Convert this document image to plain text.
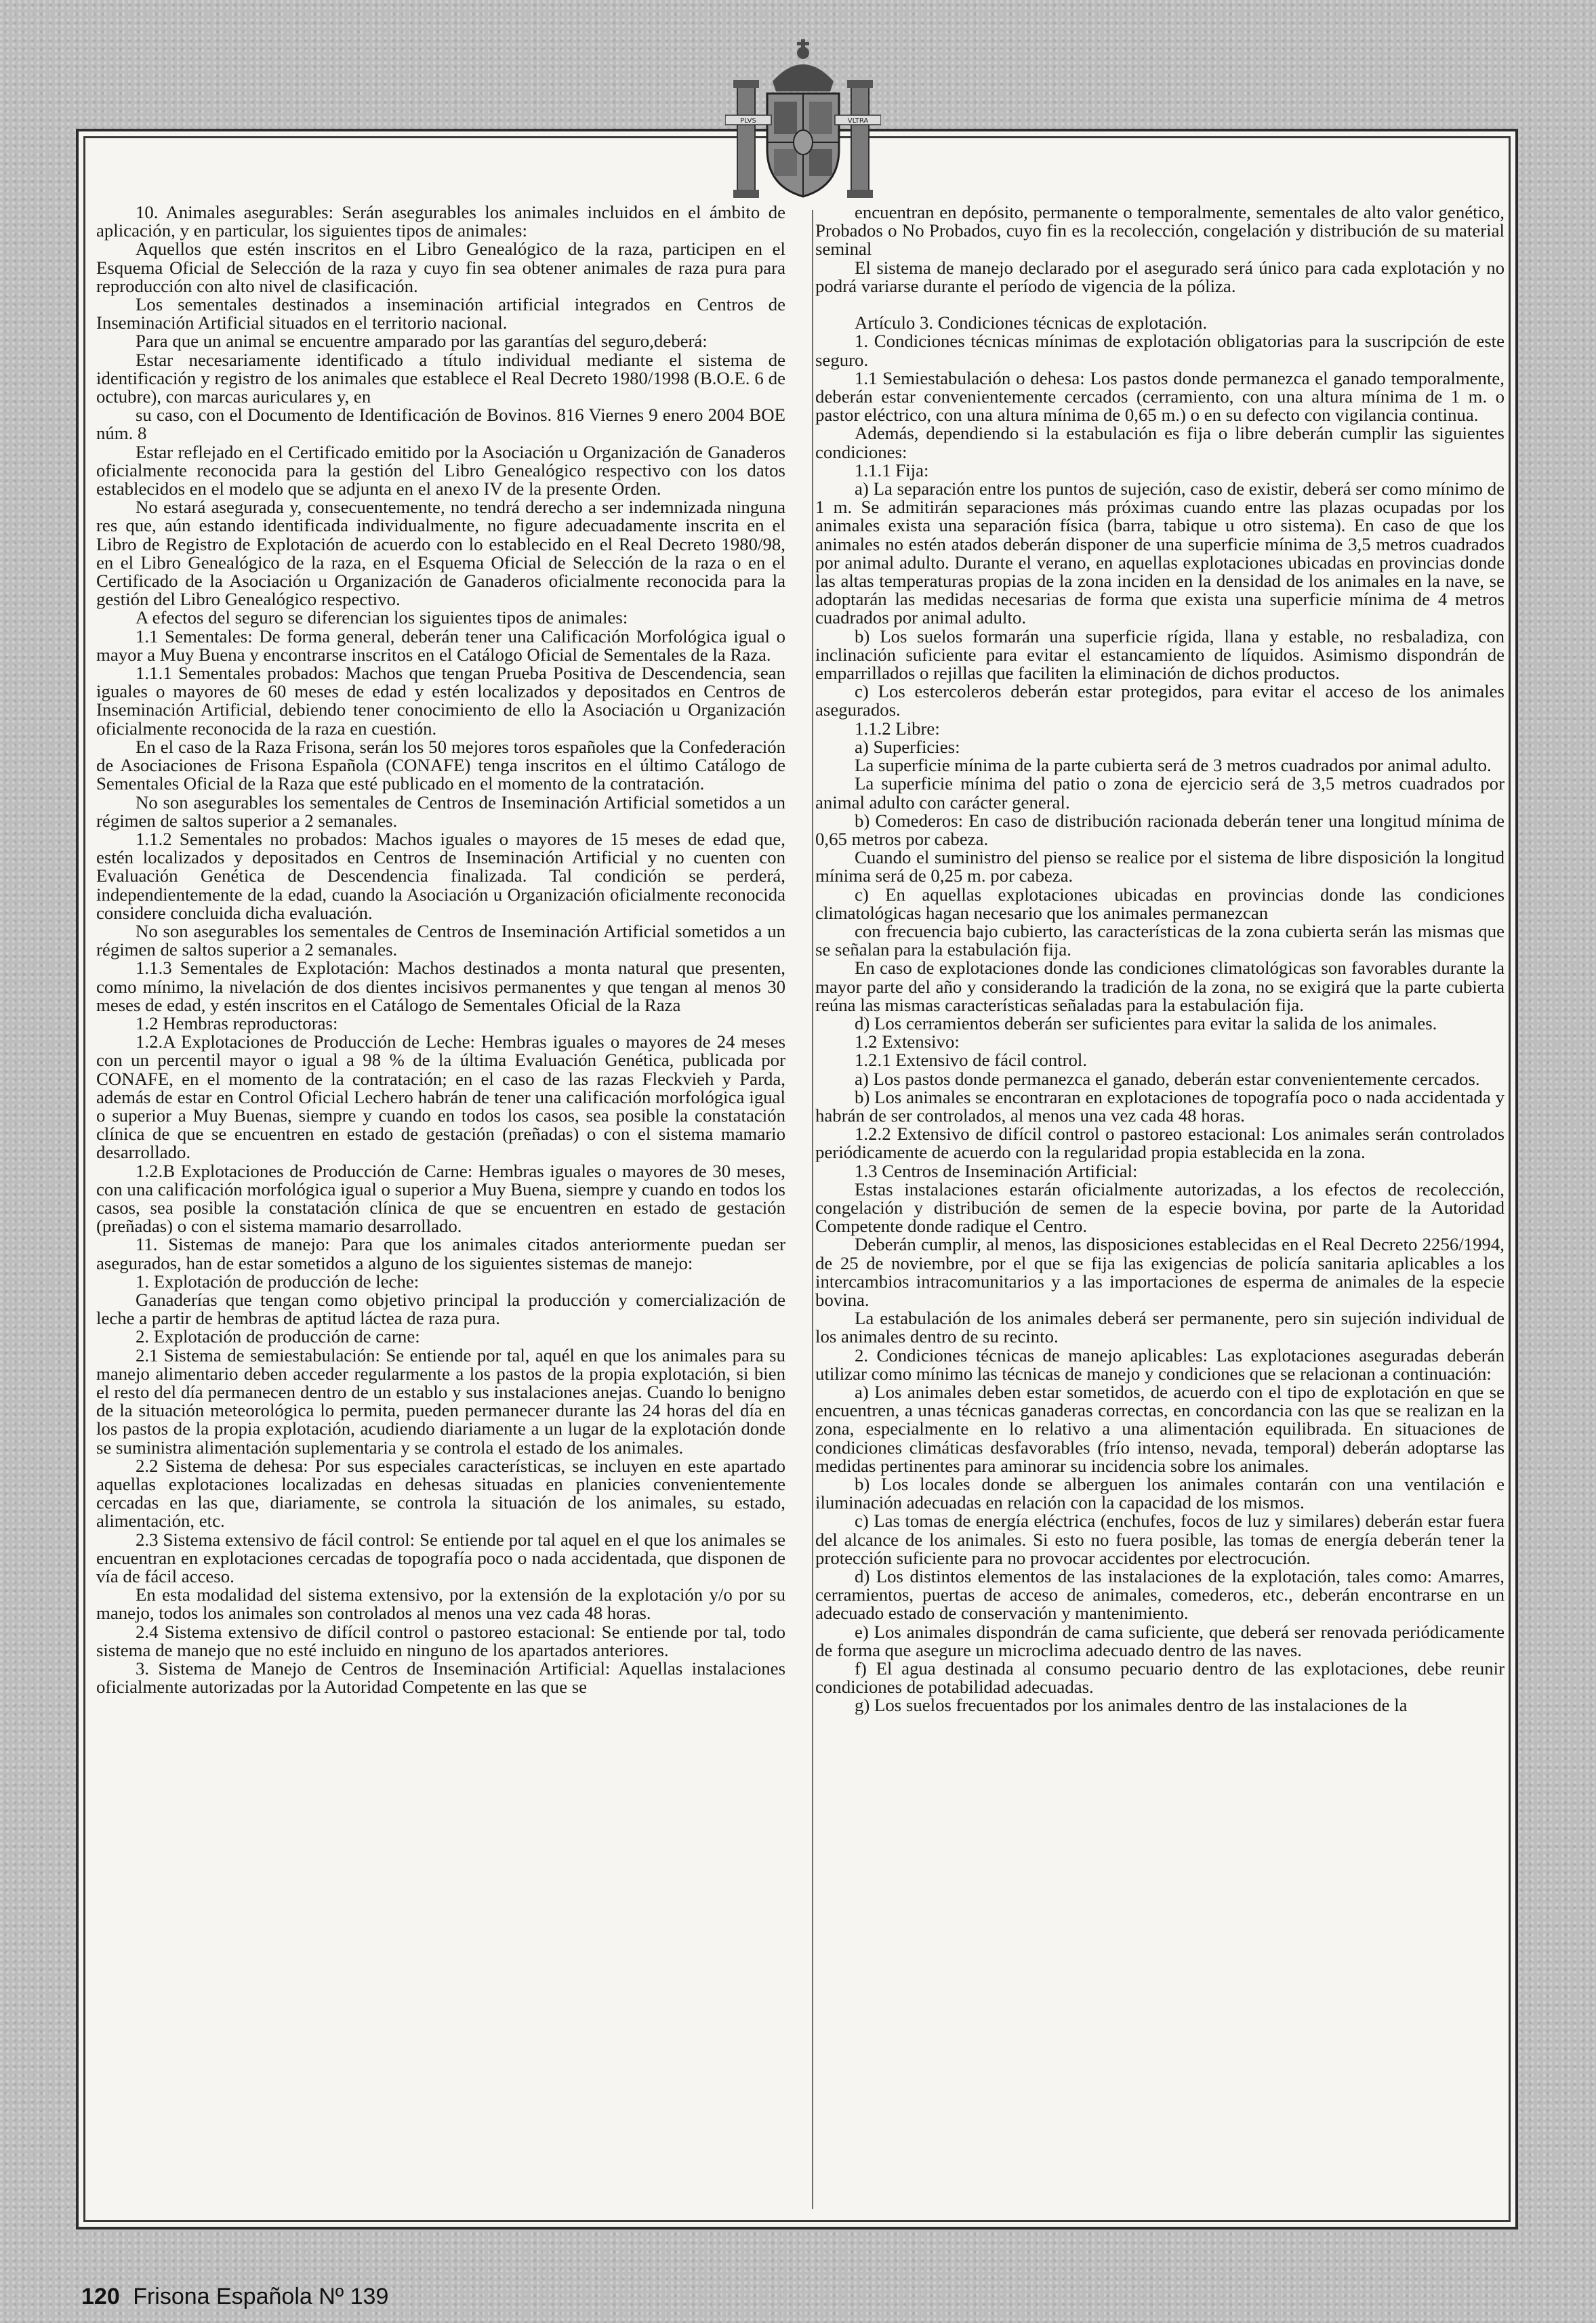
PLVS	VLTRA

10. Animales asegurables: Serán asegurables los animales incluidos en el ámbito de aplicación, y en particular, los siguientes tipos de animales:

Aquellos que estén inscritos en el Libro Genealógico de la raza, participen en el Esquema Oficial de Selección de la raza y cuyo fin sea obtener animales de raza pura para reproducción con alto nivel de clasificación.

Los sementales destinados a inseminación artificial integrados en Centros de Inseminación Artificial situados en el territorio nacional.

Para que un animal se encuentre amparado por las garantías del seguro,deberá:

Estar necesariamente identificado a título individual mediante el sistema de identificación y registro de los animales que establece el Real Decreto 1980/1998 (B.O.E. 6 de octubre), con marcas auriculares y, en

su caso, con el Documento de Identificación de Bovinos. 816 Viernes 9 enero 2004 BOE núm. 8

Estar reflejado en el Certificado emitido por la Asociación u Organización de Ganaderos oficialmente reconocida para la gestión del Libro Genealógico respectivo con los datos establecidos en el modelo que se adjunta en el anexo IV de la presente Orden.

No estará asegurada y, consecuentemente, no tendrá derecho a ser indemnizada ninguna res que, aún estando identificada individualmente, no figure adecuadamente inscrita en el Libro de Registro de Explotación de acuerdo con lo establecido en el Real Decreto 1980/98, en el Libro Genealógico de la raza, en el Esquema Oficial de Selección de la raza o en el Certificado de la Asociación u Organización de Ganaderos oficialmente reconocida para la gestión del Libro Genealógico respectivo.

A efectos del seguro se diferencian los siguientes tipos de animales:

1.1 Sementales: De forma general, deberán tener una Calificación Morfológica igual o mayor a Muy Buena y encontrarse inscritos en el Catálogo Oficial de Sementales de la Raza.

1.1.1 Sementales probados: Machos que tengan Prueba Positiva de Descendencia, sean iguales o mayores de 60 meses de edad y estén localizados y depositados en Centros de Inseminación Artificial, debiendo tener conocimiento de ello la Asociación u Organización oficialmente reconocida de la raza en cuestión.

En el caso de la Raza Frisona, serán los 50 mejores toros españoles que la Confederación de Asociaciones de Frisona Española (CONAFE) tenga inscritos en el último Catálogo de Sementales Oficial de la Raza que esté publicado en el momento de la contratación.

No son asegurables los sementales de Centros de Inseminación Artificial sometidos a un régimen de saltos superior a 2 semanales.

1.1.2 Sementales no probados: Machos iguales o mayores de 15 meses de edad que, estén localizados y depositados en Centros de Inseminación Artificial y no cuenten con Evaluación Genética de Descendencia finalizada. Tal condición se perderá, independientemente de la edad, cuando la Asociación u Organización oficialmente reconocida considere concluida dicha evaluación.

No son asegurables los sementales de Centros de Inseminación Artificial sometidos a un régimen de saltos superior a 2 semanales.

1.1.3 Sementales de Explotación: Machos destinados a monta natural que presenten, como mínimo, la nivelación de dos dientes incisivos permanentes y que tengan al menos 30 meses de edad, y estén inscritos en el Catálogo de Sementales Oficial de la Raza

1.2 Hembras reproductoras:

1.2.A Explotaciones de Producción de Leche: Hembras iguales o mayores de 24 meses con un percentil mayor o igual a 98 % de la última Evaluación Genética, publicada por CONAFE, en el momento de la contratación; en el caso de las razas Fleckvieh y Parda, además de estar en Control Oficial Lechero habrán de tener una calificación morfológica igual o superior a Muy Buenas, siempre y cuando en todos los casos, sea posible la constatación clínica de que se encuentren en estado de gestación (preñadas) o con el sistema mamario desarrollado.

1.2.B Explotaciones de Producción de Carne: Hembras iguales o mayores de 30 meses, con una calificación morfológica igual o superior a Muy Buena, siempre y cuando en todos los casos, sea posible la constatación clínica de que se encuentren en estado de gestación (preñadas) o con el sistema mamario desarrollado.

11. Sistemas de manejo: Para que los animales citados anteriormente puedan ser asegurados, han de estar sometidos a alguno de los siguientes sistemas de manejo:

1. Explotación de producción de leche:

Ganaderías que tengan como objetivo principal la producción y comercialización de leche a partir de hembras de aptitud láctea de raza pura.

2. Explotación de producción de carne:

2.1 Sistema de semiestabulación: Se entiende por tal, aquél en que los animales para su manejo alimentario deben acceder regularmente a los pastos de la propia explotación, si bien el resto del día permanecen dentro de un establo y sus instalaciones anejas. Cuando lo benigno de la situación meteorológica lo permita, pueden permanecer durante las 24 horas del día en los pastos de la propia explotación, acudiendo diariamente a un lugar de la explotación donde se suministra alimentación suplementaria y se controla el estado de los animales.

2.2 Sistema de dehesa: Por sus especiales características, se incluyen en este apartado aquellas explotaciones localizadas en dehesas situadas en planicies convenientemente cercadas en las que, diariamente, se controla la situación de los animales, su estado, alimentación, etc.

2.3 Sistema extensivo de fácil control: Se entiende por tal aquel en el que los animales se encuentran en explotaciones cercadas de topografía poco o nada accidentada, que disponen de vía de fácil acceso.

En esta modalidad del sistema extensivo, por la extensión de la explotación y/o por su manejo, todos los animales son controlados al menos una vez cada 48 horas.

2.4 Sistema extensivo de difícil control o pastoreo estacional: Se entiende por tal, todo sistema de manejo que no esté incluido en ninguno de los apartados anteriores.

3. Sistema de Manejo de Centros de Inseminación Artificial: Aquellas instalaciones oficialmente autorizadas por la Autoridad Competente en las que se

encuentran en depósito, permanente o temporalmente, sementales de alto valor genético, Probados o No Probados, cuyo fin es la recolección, congelación y distribución de su material seminal

El sistema de manejo declarado por el asegurado será único para cada explotación y no podrá variarse durante el período de vigencia de la póliza.

Artículo 3. Condiciones técnicas de explotación.

1. Condiciones técnicas mínimas de explotación obligatorias para la suscripción de este seguro.

1.1 Semiestabulación o dehesa: Los pastos donde permanezca el ganado temporalmente, deberán estar convenientemente cercados (cerramiento, con una altura mínima de 1 m. o pastor eléctrico, con una altura mínima de 0,65 m.) o en su defecto con vigilancia continua.

Además, dependiendo si la estabulación es fija o libre deberán cumplir las siguientes condiciones:

1.1.1 Fija:

a) La separación entre los puntos de sujeción, caso de existir, deberá ser como mínimo de 1 m. Se admitirán separaciones más próximas cuando entre las plazas ocupadas por los animales exista una separación física (barra, tabique u otro sistema). En caso de que los animales no estén atados deberán disponer de una superficie mínima de 3,5 metros cuadrados por animal adulto. Durante el verano, en aquellas explotaciones ubicadas en provincias donde las altas temperaturas propias de la zona inciden en la densidad de los animales en la nave, se adoptarán las medidas necesarias de forma que exista una superficie mínima de 4 metros cuadrados por animal adulto.

b) Los suelos formarán una superficie rígida, llana y estable, no resbaladiza, con inclinación suficiente para evitar el estancamiento de líquidos. Asimismo dispondrán de emparrillados o rejillas que faciliten la eliminación de dichos productos.

c) Los estercoleros deberán estar protegidos, para evitar el acceso de los animales asegurados.

1.1.2 Libre:

a) Superficies:

La superficie mínima de la parte cubierta será de 3 metros cuadrados por animal adulto.

La superficie mínima del patio o zona de ejercicio será de 3,5 metros cuadrados por animal adulto con carácter general.

b) Comederos: En caso de distribución racionada deberán tener una longitud mínima de 0,65 metros por cabeza.

Cuando el suministro del pienso se realice por el sistema de libre disposición la longitud mínima será de 0,25 m. por cabeza.

c) En aquellas explotaciones ubicadas en provincias donde las condiciones climatológicas hagan necesario que los animales permanezcan

con frecuencia bajo cubierto, las características de la zona cubierta serán las mismas que se señalan para la estabulación fija.

En caso de explotaciones donde las condiciones climatológicas son favorables durante la mayor parte del año y considerando la tradición de la zona, no se exigirá que la parte cubierta reúna las mismas características señaladas para la estabulación fija.

d) Los cerramientos deberán ser suficientes para evitar la salida de los animales.

1.2 Extensivo:

1.2.1 Extensivo de fácil control.

a) Los pastos donde permanezca el ganado, deberán estar convenientemente cercados.

b) Los animales se encontraran en explotaciones de topografía poco o nada accidentada y habrán de ser controlados, al menos una vez cada 48 horas.

1.2.2 Extensivo de difícil control o pastoreo estacional: Los animales serán controlados periódicamente de acuerdo con la regularidad propia establecida en la zona.

1.3 Centros de Inseminación Artificial:

Estas instalaciones estarán oficialmente autorizadas, a los efectos de recolección, congelación y distribución de semen de la especie bovina, por parte de la Autoridad Competente donde radique el Centro.

Deberán cumplir, al menos, las disposiciones establecidas en el Real Decreto 2256/1994, de 25 de noviembre, por el que se fija las exigencias de policía sanitaria aplicables a los intercambios intracomunitarios y a las importaciones de esperma de animales de la especie bovina.

La estabulación de los animales deberá ser permanente, pero sin sujeción individual de los animales dentro de su recinto.

2. Condiciones técnicas de manejo aplicables: Las explotaciones aseguradas deberán utilizar como mínimo las técnicas de manejo y condiciones que se relacionan a continuación:

a) Los animales deben estar sometidos, de acuerdo con el tipo de explotación en que se encuentren, a unas técnicas ganaderas correctas, en concordancia con las que se realizan en la zona, especialmente en lo relativo a una alimentación equilibrada. En situaciones de condiciones climáticas desfavorables (frío intenso, nevada, temporal) deberán adoptarse las medidas pertinentes para aminorar su incidencia sobre los animales.

b) Los locales donde se alberguen los animales contarán con una ventilación e iluminación adecuadas en relación con la capacidad de los mismos.

c) Las tomas de energía eléctrica (enchufes, focos de luz y similares) deberán estar fuera del alcance de los animales. Si esto no fuera posible, las tomas de energía deberán tener la protección suficiente para no provocar accidentes por electrocución.

d) Los distintos elementos de las instalaciones de la explotación, tales como: Amarres, cerramientos, puertas de acceso de animales, comederos, etc., deberán encontrarse en un adecuado estado de conservación y mantenimiento.

e) Los animales dispondrán de cama suficiente, que deberá ser renovada periódicamente de forma que asegure un microclima adecuado dentro de las naves.

f) El agua destinada al consumo pecuario dentro de las explotaciones, debe reunir condiciones de potabilidad adecuadas.

g) Los suelos frecuentados por los animales dentro de las instalaciones de la

120 Frisona Española Nº 139
